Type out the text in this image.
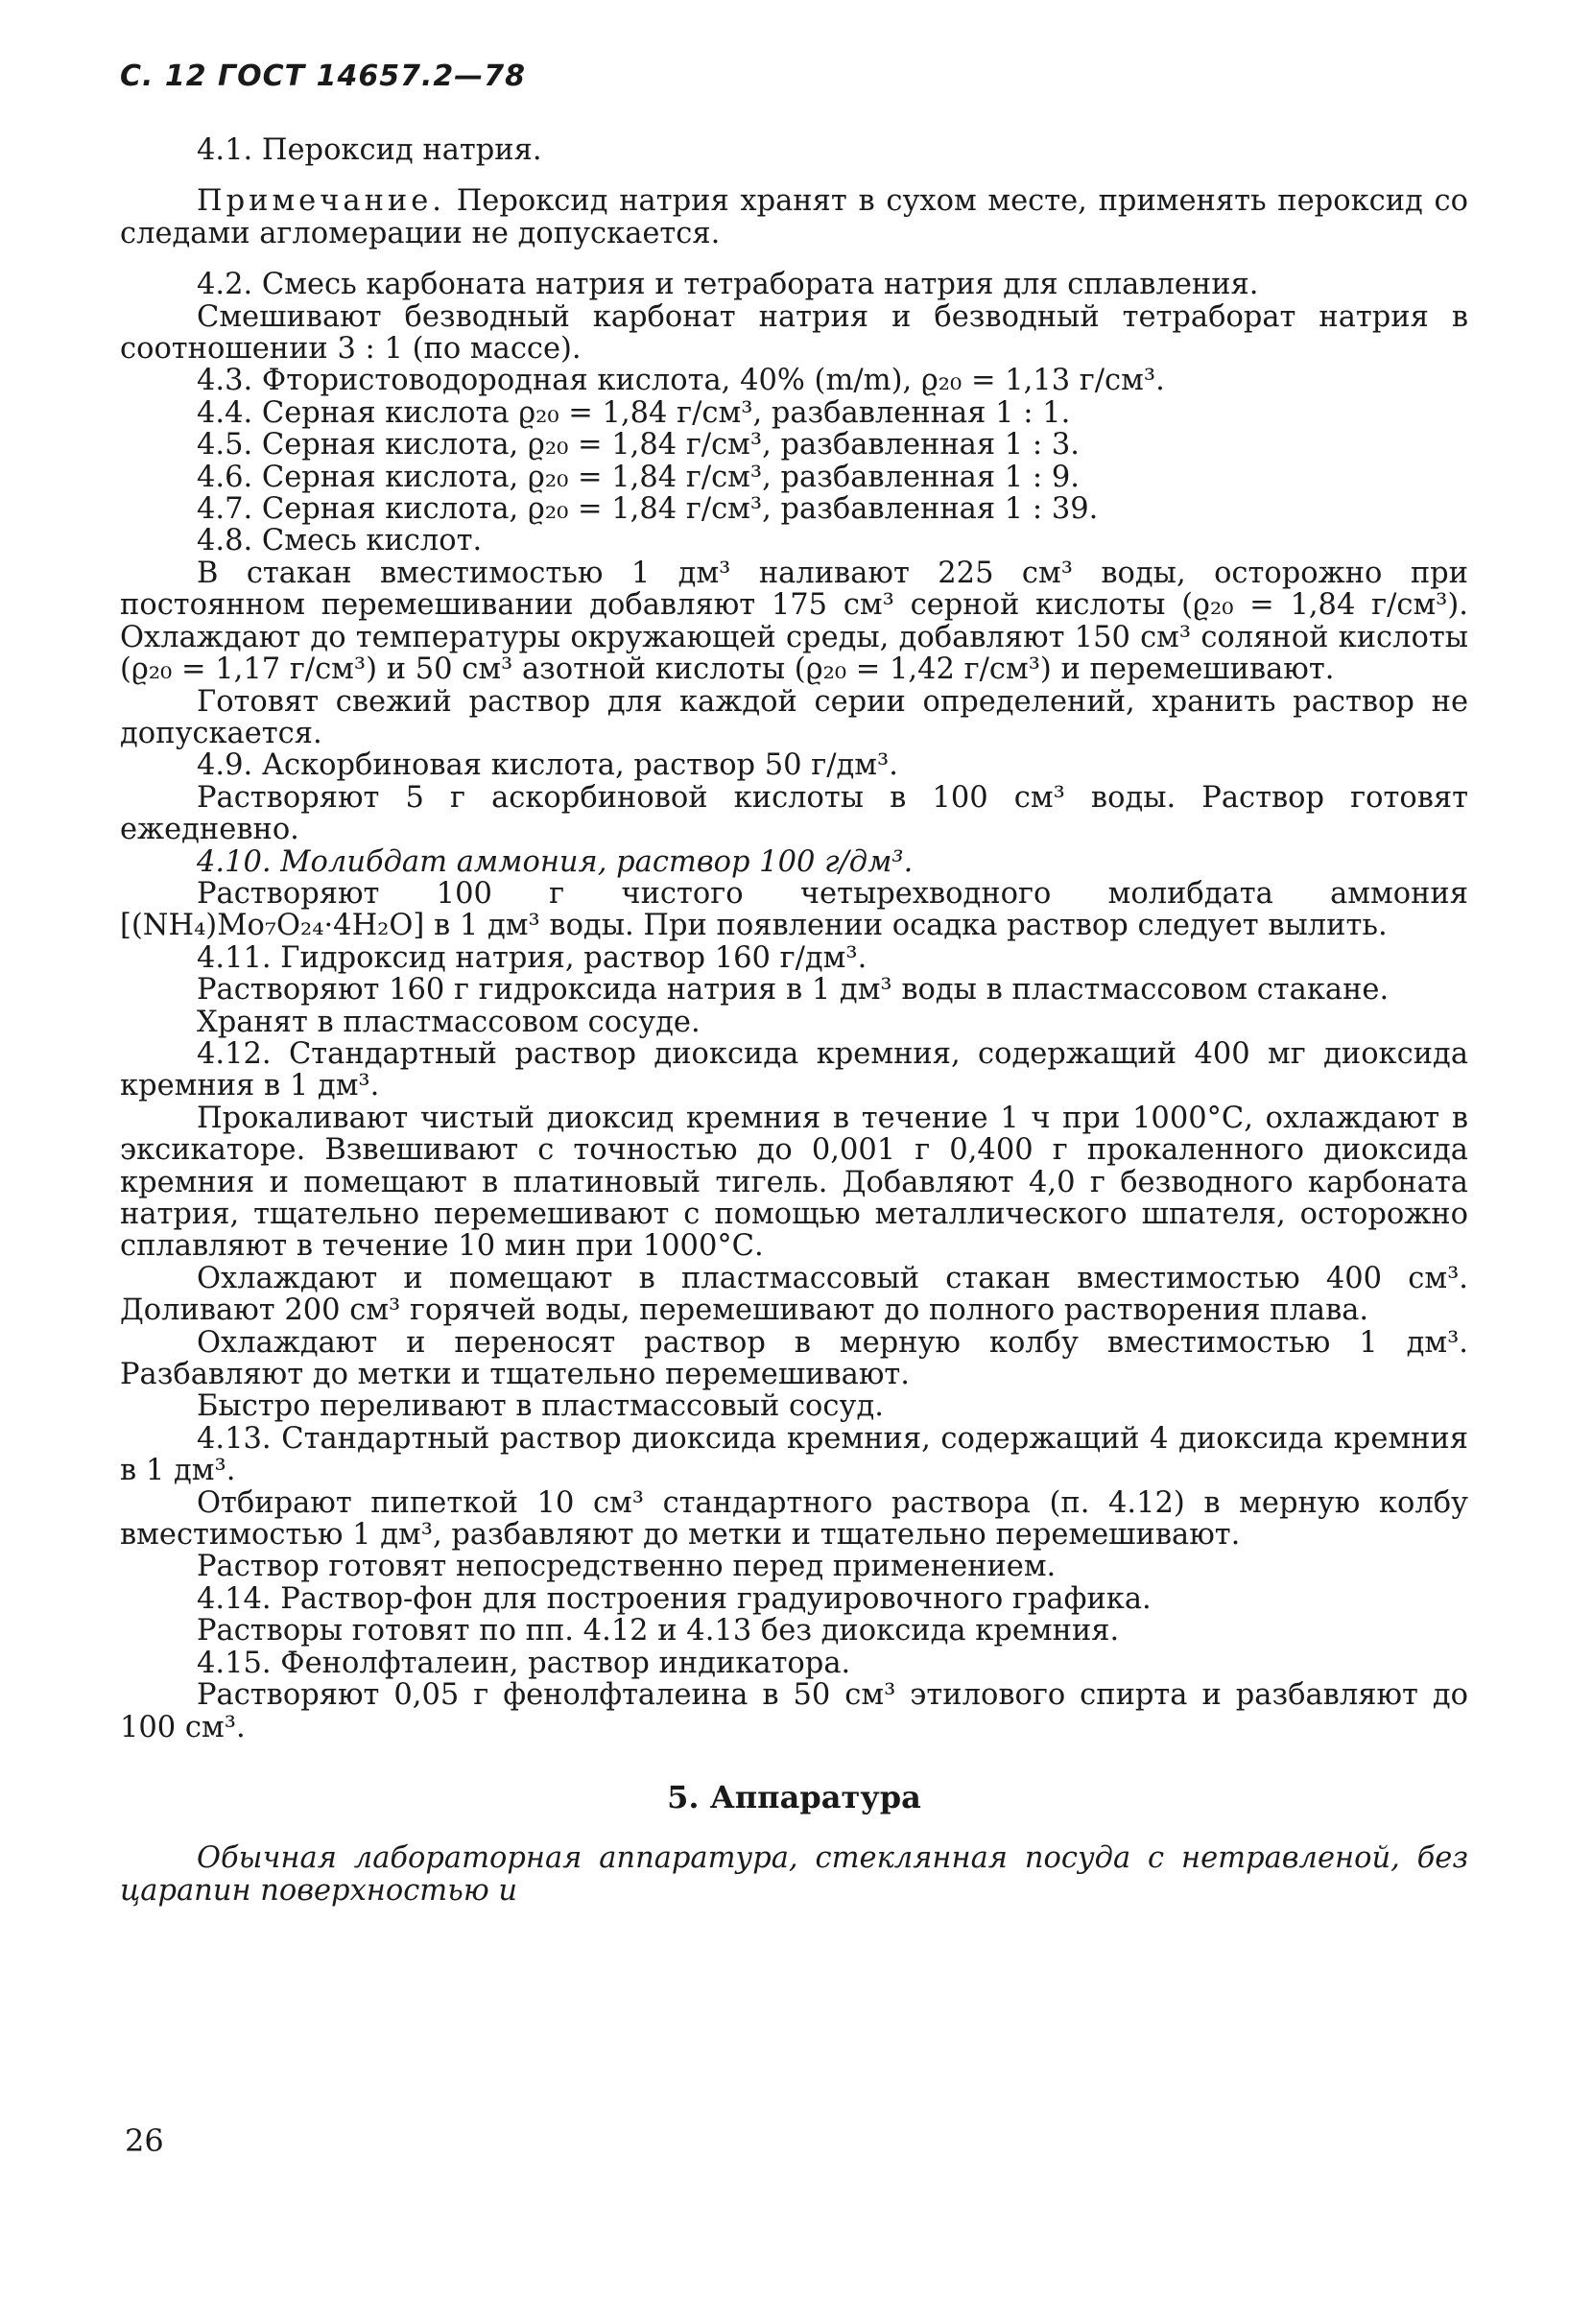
С. 12 ГОСТ 14657.2—78

4.1. Пероксид натрия.

Примечание. Пероксид натрия хранят в сухом месте, применять пероксид со следами агломерации не допускается.

4.2. Смесь карбоната натрия и тетрабората натрия для сплавления.

Смешивают безводный карбонат натрия и безводный тетраборат натрия в соотношении 3 : 1 (по массе).

4.3. Фтористоводородная кислота, 40% (m/m), ϱ₂₀ = 1,13 г/см³.

4.4. Серная кислота ϱ₂₀ = 1,84 г/см³, разбавленная 1 : 1.

4.5. Серная кислота, ϱ₂₀ = 1,84 г/см³, разбавленная 1 : 3.

4.6. Серная кислота, ϱ₂₀ = 1,84 г/см³, разбавленная 1 : 9.

4.7. Серная кислота, ϱ₂₀ = 1,84 г/см³, разбавленная 1 : 39.

4.8. Смесь кислот.

В стакан вместимостью 1 дм³ наливают 225 см³ воды, осторожно при постоянном перемешивании добавляют 175 см³ серной кислоты (ϱ₂₀ = 1,84 г/см³). Охлаждают до температуры окружающей среды, добавляют 150 см³ соляной кислоты (ϱ₂₀ = 1,17 г/см³) и 50 см³ азотной кислоты (ϱ₂₀ = 1,42 г/см³) и перемешивают.

Готовят свежий раствор для каждой серии определений, хранить раствор не допускается.

4.9. Аскорбиновая кислота, раствор 50 г/дм³.

Растворяют 5 г аскорбиновой кислоты в 100 см³ воды. Раствор готовят ежедневно.

4.10. Молибдат аммония, раствор 100 г/дм³.

Растворяют 100 г чистого четырехводного молибдата аммония [(NH₄)Mo₇O₂₄·4H₂O] в 1 дм³ воды. При появлении осадка раствор следует вылить.

4.11. Гидроксид натрия, раствор 160 г/дм³.

Растворяют 160 г гидроксида натрия в 1 дм³ воды в пластмассовом стакане.

Хранят в пластмассовом сосуде.

4.12. Стандартный раствор диоксида кремния, содержащий 400 мг диоксида кремния в 1 дм³.

Прокаливают чистый диоксид кремния в течение 1 ч при 1000°С, охлаждают в эксикаторе. Взвешивают с точностью до 0,001 г 0,400 г прокаленного диоксида кремния и помещают в платиновый тигель. Добавляют 4,0 г безводного карбоната натрия, тщательно перемешивают с помощью металлического шпателя, осторожно сплавляют в течение 10 мин при 1000°С.

Охлаждают и помещают в пластмассовый стакан вместимостью 400 см³. Доливают 200 см³ горячей воды, перемешивают до полного растворения плава.

Охлаждают и переносят раствор в мерную колбу вместимостью 1 дм³. Разбавляют до метки и тщательно перемешивают.

Быстро переливают в пластмассовый сосуд.

4.13. Стандартный раствор диоксида кремния, содержащий 4 диоксида кремния в 1 дм³.

Отбирают пипеткой 10 см³ стандартного раствора (п. 4.12) в мерную колбу вместимостью 1 дм³, разбавляют до метки и тщательно перемешивают.

Раствор готовят непосредственно перед применением.

4.14. Раствор-фон для построения градуировочного графика.

Растворы готовят по пп. 4.12 и 4.13 без диоксида кремния.

4.15. Фенолфталеин, раствор индикатора.

Растворяют 0,05 г фенолфталеина в 50 см³ этилового спирта и разбавляют до 100 см³.

5. Аппаратура

Обычная лабораторная аппаратура, стеклянная посуда с нетравленой, без царапин поверхностью и

26
